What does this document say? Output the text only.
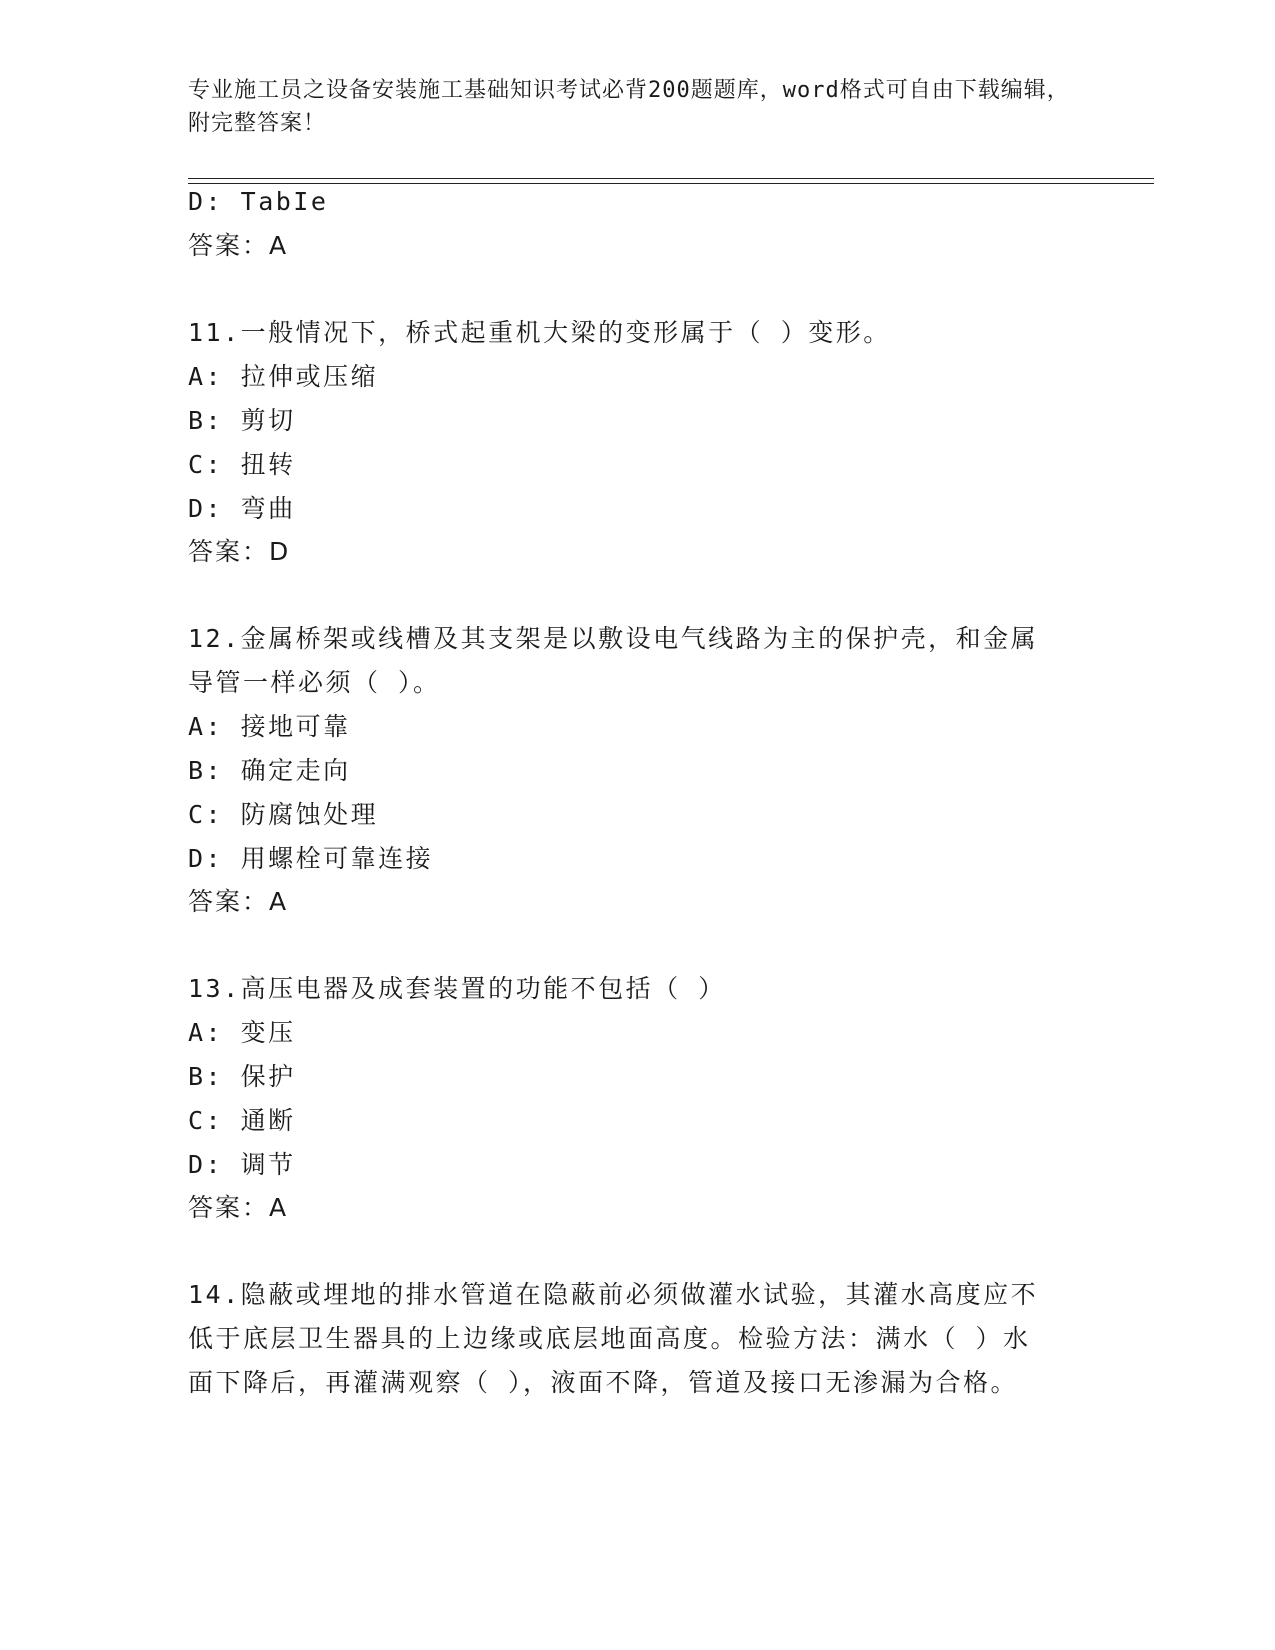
专业施工员之设备安装施工基础知识考试必背200题题库，word格式可自由下载编辑，附完整答案！
D: TabIe
答案：A
11.一般情况下，桥式起重机大梁的变形属于（ ）变形。
A: 拉伸或压缩
B: 剪切
C: 扭转
D: 弯曲
答案：D
12.金属桥架或线槽及其支架是以敷设电气线路为主的保护壳，和金属
导管一样必须（ ）。
A: 接地可靠
B: 确定走向
C: 防腐蚀处理
D: 用螺栓可靠连接
答案：A
13.高压电器及成套装置的功能不包括（ ）
A: 变压
B: 保护
C: 通断
D: 调节
答案：A
14.隐蔽或埋地的排水管道在隐蔽前必须做灌水试验，其灌水高度应不
低于底层卫生器具的上边缘或底层地面高度。检验方法：满水（ ）水
面下降后，再灌满观察（ ），液面不降，管道及接口无渗漏为合格。
